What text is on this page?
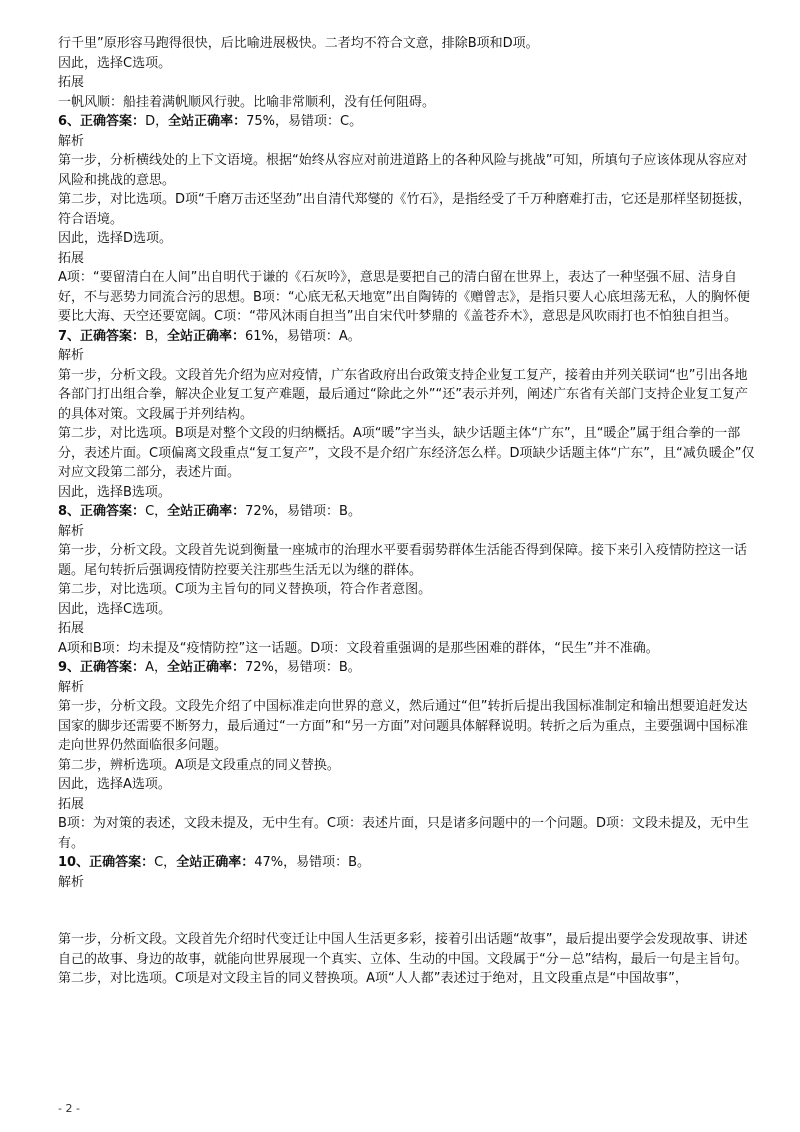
行千里”原形容马跑得很快，后比喻进展极快。二者均不符合文意，排除B项和D项。

因此，选择C选项。

拓展

一帆风顺：船挂着满帆顺风行驶。比喻非常顺利，没有任何阻碍。

6、正确答案：D，全站正确率：75%，易错项：C。

解析

第一步，分析横线处的上下文语境。根据“始终从容应对前进道路上的各种风险与挑战”可知，所填句子应该体现从容应对风险和挑战的意思。

第二步，对比选项。D项“千磨万击还坚劲”出自清代郑燮的《竹石》，是指经受了千万种磨难打击，它还是那样坚韧挺拔，符合语境。

因此，选择D选项。

拓展

A项：“要留清白在人间”出自明代于谦的《石灰吟》，意思是要把自己的清白留在世界上，表达了一种坚强不屈、洁身自好，不与恶势力同流合污的思想。B项：“心底无私天地宽”出自陶铸的《赠曾志》，是指只要人心底坦荡无私，人的胸怀便要比大海、天空还要宽阔。C项：“带风沐雨自担当”出自宋代叶梦鼎的《盖苍乔木》，意思是风吹雨打也不怕独自担当。

7、正确答案：B，全站正确率：61%，易错项：A。

解析

第一步，分析文段。文段首先介绍为应对疫情，广东省政府出台政策支持企业复工复产，接着由并列关联词“也”引出各地各部门打出组合拳，解决企业复工复产难题，最后通过“除此之外”“还”表示并列，阐述广东省有关部门支持企业复工复产的具体对策。文段属于并列结构。

第二步，对比选项。B项是对整个文段的归纳概括。A项“暖”字当头，缺少话题主体“广东”，且“暖企”属于组合拳的一部分，表述片面。C项偏离文段重点“复工复产”，文段不是介绍广东经济怎么样。D项缺少话题主体“广东”，且“减负暖企”仅对应文段第二部分，表述片面。

因此，选择B选项。

8、正确答案：C，全站正确率：72%，易错项：B。

解析

第一步，分析文段。文段首先说到衡量一座城市的治理水平要看弱势群体生活能否得到保障。接下来引入疫情防控这一话题。尾句转折后强调疫情防控要关注那些生活无以为继的群体。

第二步，对比选项。C项为主旨句的同义替换项，符合作者意图。

因此，选择C选项。

拓展

A项和B项：均未提及“疫情防控”这一话题。D项：文段着重强调的是那些困难的群体，“民生”并不准确。

9、正确答案：A，全站正确率：72%，易错项：B。

解析

第一步，分析文段。文段先介绍了中国标准走向世界的意义，然后通过“但”转折后提出我国标准制定和输出想要追赶发达国家的脚步还需要不断努力，最后通过“一方面”和“另一方面”对问题具体解释说明。转折之后为重点，主要强调中国标准走向世界仍然面临很多问题。

第二步，辨析选项。A项是文段重点的同义替换。

因此，选择A选项。

拓展

B项：为对策的表述，文段未提及，无中生有。C项：表述片面，只是诸多问题中的一个问题。D项：文段未提及，无中生有。

10、正确答案：C，全站正确率：47%，易错项：B。

解析

第一步，分析文段。文段首先介绍时代变迁让中国人生活更多彩，接着引出话题“故事”，最后提出要学会发现故事、讲述自己的故事、身边的故事，就能向世界展现一个真实、立体、生动的中国。文段属于“分－总”结构，最后一句是主旨句。

第二步，对比选项。C项是对文段主旨的同义替换项。A项“人人都”表述过于绝对，且文段重点是“中国故事”，

- 2 -
